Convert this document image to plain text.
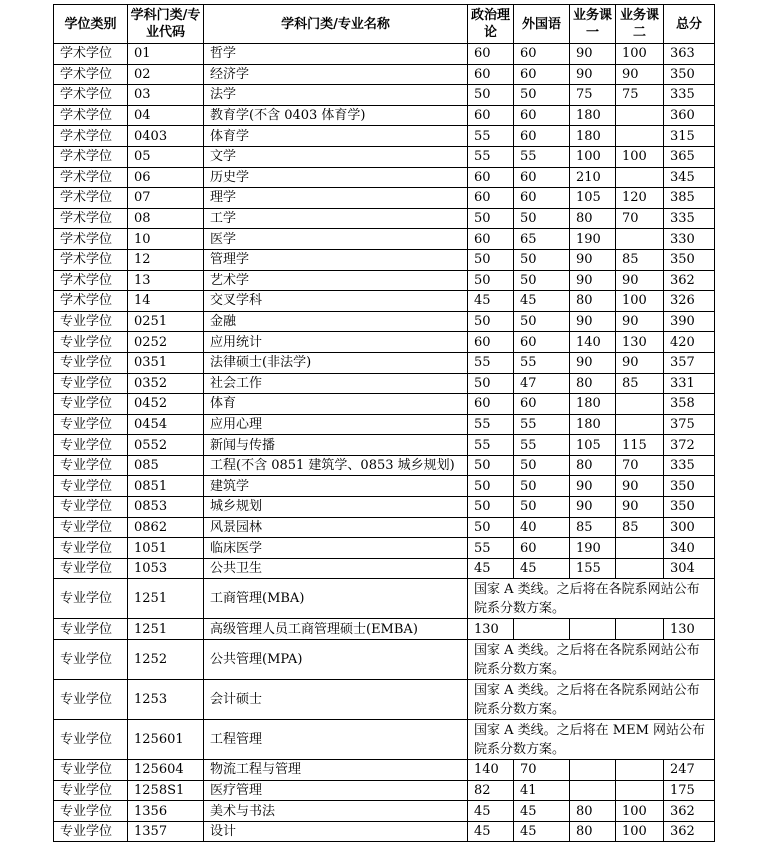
学位类别	学科门类/专业代码	学科门类/专业名称	政治理论	外国语	业务课一	业务课二	总分
学术学位	01	哲学	60	60	90	100	363
学术学位	02	经济学	60	60	90	90	350
学术学位	03	法学	50	50	75	75	335
学术学位	04	教育学(不含 0403 体育学)	60	60	180		360
学术学位	0403	体育学	55	60	180		315
学术学位	05	文学	55	55	100	100	365
学术学位	06	历史学	60	60	210		345
学术学位	07	理学	60	60	105	120	385
学术学位	08	工学	50	50	80	70	335
学术学位	10	医学	60	65	190		330
学术学位	12	管理学	50	50	90	85	350
学术学位	13	艺术学	50	50	90	90	362
学术学位	14	交叉学科	45	45	80	100	326
专业学位	0251	金融	50	50	90	90	390
专业学位	0252	应用统计	60	60	140	130	420
专业学位	0351	法律硕士(非法学)	55	55	90	90	357
专业学位	0352	社会工作	50	47	80	85	331
专业学位	0452	体育	60	60	180		358
专业学位	0454	应用心理	55	55	180		375
专业学位	0552	新闻与传播	55	55	105	115	372
专业学位	085	工程(不含 0851 建筑学、0853 城乡规划)	50	50	80	70	335
专业学位	0851	建筑学	50	50	90	90	350
专业学位	0853	城乡规划	50	50	90	90	350
专业学位	0862	风景园林	50	40	85	85	300
专业学位	1051	临床医学	55	60	190		340
专业学位	1053	公共卫生	45	45	155		304
专业学位	1251	工商管理(MBA)	国家 A 类线。之后将在各院系网站公布院系分数方案。				
专业学位	1251	高级管理人员工商管理硕士(EMBA)	130				130
专业学位	1252	公共管理(MPA)	国家 A 类线。之后将在各院系网站公布院系分数方案。				
专业学位	1253	会计硕士	国家 A 类线。之后将在各院系网站公布院系分数方案。				
专业学位	125601	工程管理	国家 A 类线。之后将在 MEM 网站公布院系分数方案。				
专业学位	125604	物流工程与管理	140	70			247
专业学位	1258S1	医疗管理	82	41			175
专业学位	1356	美术与书法	45	45	80	100	362
专业学位	1357	设计	45	45	80	100	362
